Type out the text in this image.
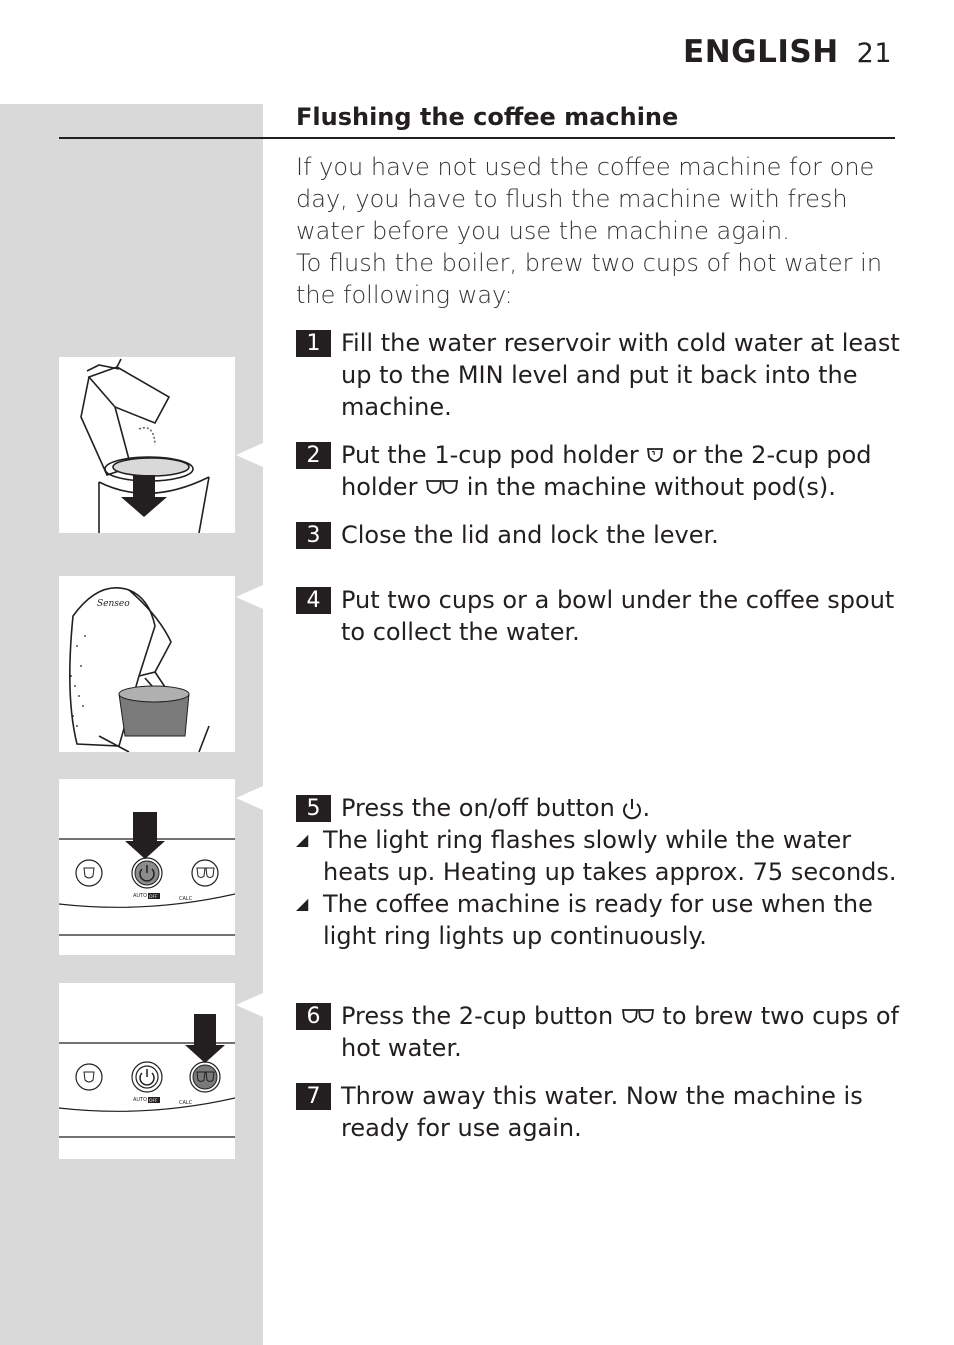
ENGLISH 21
Flushing the coffee machine
If you have not used the coffee machine for one day, you have to flush the machine with fresh water before you use the machine again.
To flush the boiler, brew two cups of hot water in the following way:
Senseo
AUTO OFF	CALC
AUTO OFF	CALC
1 Fill the water reservoir with cold water at least up to the MIN level and put it back into the machine.
2 Put the 1-cup pod holder  or the 2-cup pod holder  in the machine without pod(s).
3 Close the lid and lock the lever.
4 Put two cups or a bowl under the coffee spout to collect the water.
5 Press the on/off button .
◢ The light ring flashes slowly while the water heats up. Heating up takes approx. 75 seconds.
◢ The coffee machine is ready for use when the light ring lights up continuously.
6 Press the 2-cup button  to brew two cups of hot water.
7 Throw away this water. Now the machine is ready for use again.
